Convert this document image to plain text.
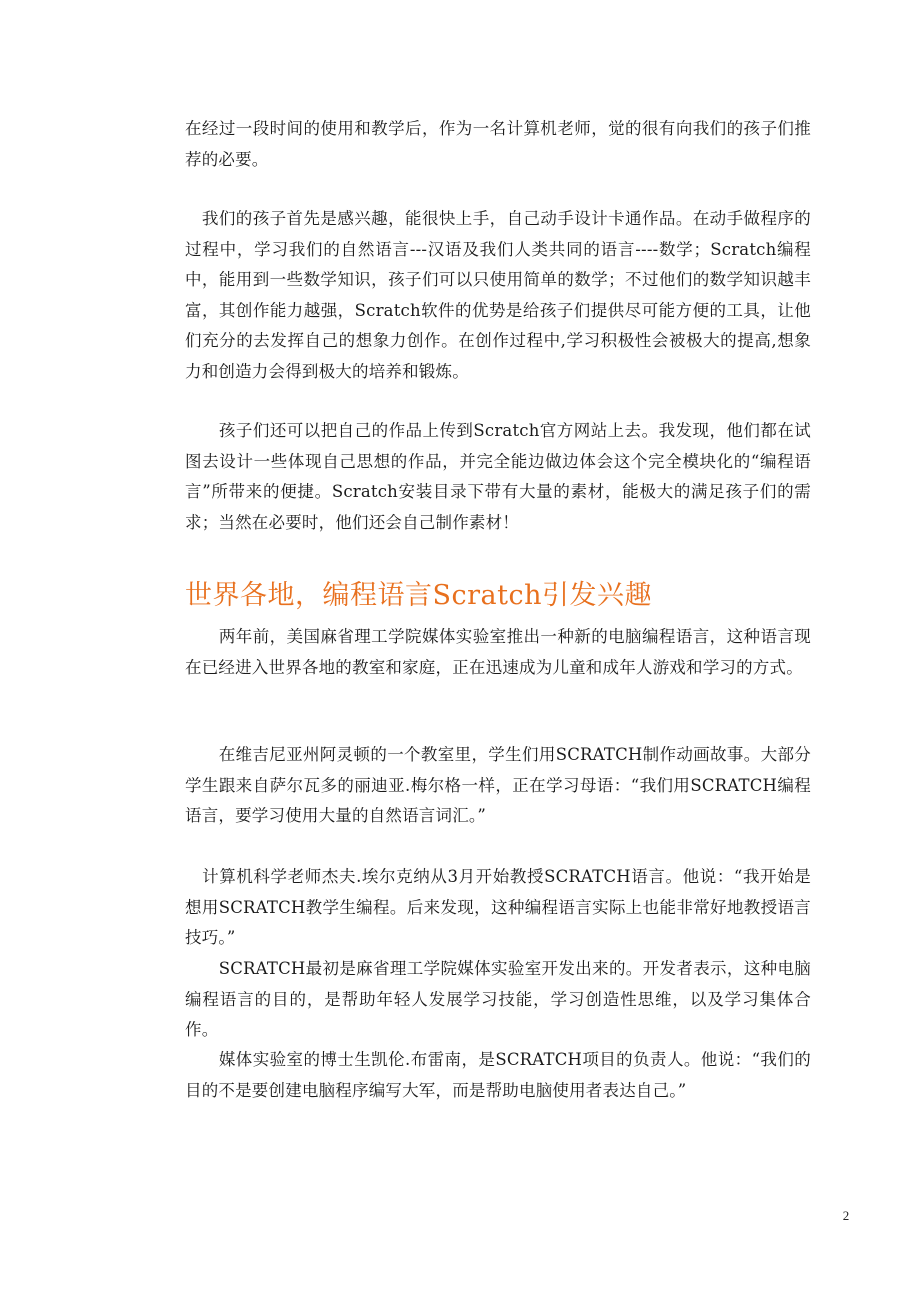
在经过一段时间的使用和教学后，作为一名计算机老师，觉的很有向我们的孩子们推荐的必要。

　我们的孩子首先是感兴趣，能很快上手，自己动手设计卡通作品。在动手做程序的过程中，学习我们的自然语言---汉语及我们人类共同的语言----数学；Scratch编程中，能用到一些数学知识，孩子们可以只使用简单的数学；不过他们的数学知识越丰富，其创作能力越强，Scratch软件的优势是给孩子们提供尽可能方便的工具，让他们充分的去发挥自己的想象力创作。在创作过程中,学习积极性会被极大的提高,想象力和创造力会得到极大的培养和锻炼。

　　孩子们还可以把自己的作品上传到Scratch官方网站上去。我发现，他们都在试图去设计一些体现自己思想的作品，并完全能边做边体会这个完全模块化的“编程语言”所带来的便捷。Scratch安装目录下带有大量的素材，能极大的满足孩子们的需求；当然在必要时，他们还会自己制作素材！

世界各地，编程语言Scratch引发兴趣

　　两年前，美国麻省理工学院媒体实验室推出一种新的电脑编程语言，这种语言现在已经进入世界各地的教室和家庭，正在迅速成为儿童和成年人游戏和学习的方式。

　　在维吉尼亚州阿灵顿的一个教室里，学生们用SCRATCH制作动画故事。大部分学生跟来自萨尔瓦多的丽迪亚.梅尔格一样，正在学习母语：“我们用SCRATCH编程语言，要学习使用大量的自然语言词汇。”

　计算机科学老师杰夫.埃尔克纳从3月开始教授SCRATCH语言。他说：“我开始是想用SCRATCH教学生编程。后来发现，这种编程语言实际上也能非常好地教授语言技巧。”

　　SCRATCH最初是麻省理工学院媒体实验室开发出来的。开发者表示，这种电脑编程语言的目的，是帮助年轻人发展学习技能，学习创造性思维，以及学习集体合作。

　　媒体实验室的博士生凯伦.布雷南，是SCRATCH项目的负责人。他说：“我们的目的不是要创建电脑程序编写大军，而是帮助电脑使用者表达自己。”

2
